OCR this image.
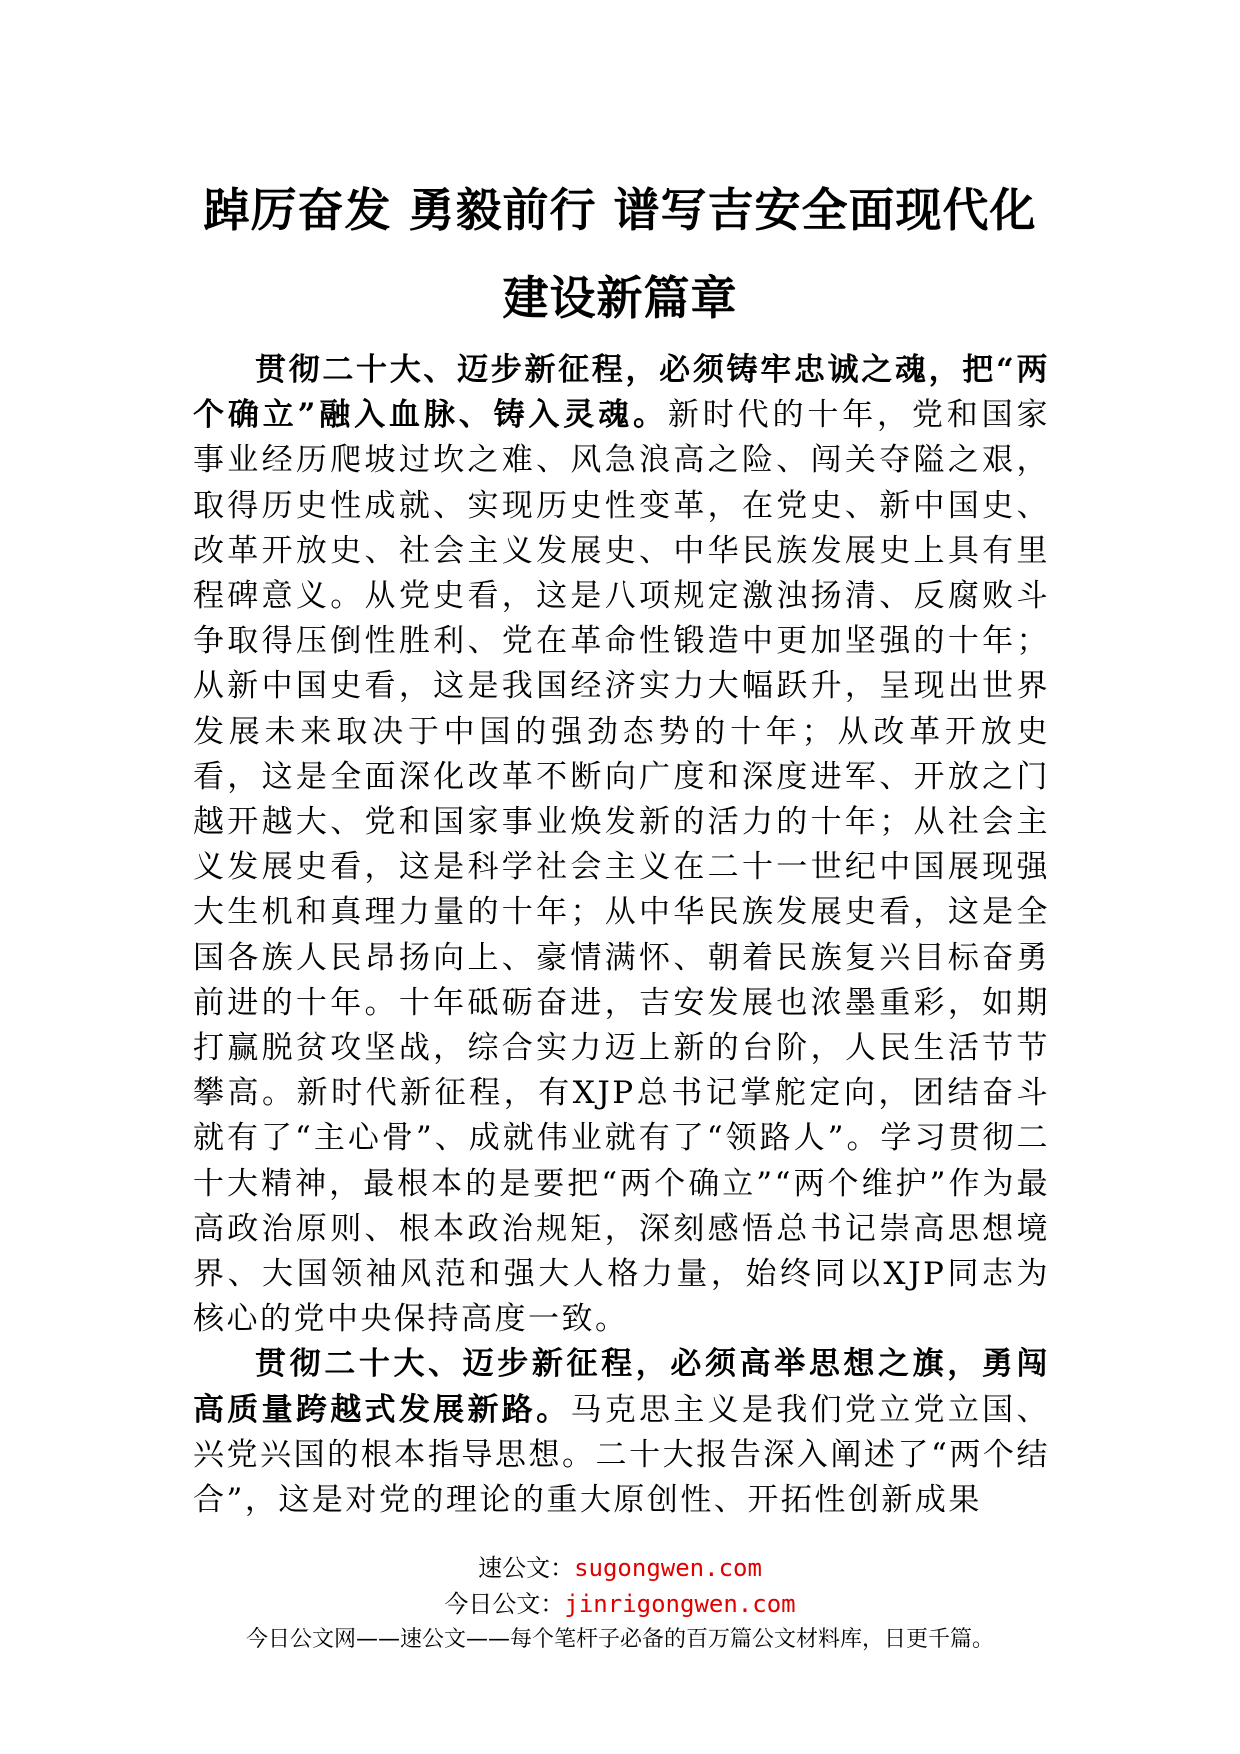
踔厉奋发 勇毅前行 谱写吉安全面现代化
建设新篇章

贯彻二十大、迈步新征程，必须铸牢忠诚之魂，把“两个确立”融入血脉、铸入灵魂。新时代的十年，党和国家事业经历爬坡过坎之难、风急浪高之险、闯关夺隘之艰，取得历史性成就、实现历史性变革，在党史、新中国史、改革开放史、社会主义发展史、中华民族发展史上具有里程碑意义。从党史看，这是八项规定激浊扬清、反腐败斗争取得压倒性胜利、党在革命性锻造中更加坚强的十年；从新中国史看，这是我国经济实力大幅跃升，呈现出世界发展未来取决于中国的强劲态势的十年；从改革开放史看，这是全面深化改革不断向广度和深度进军、开放之门越开越大、党和国家事业焕发新的活力的十年；从社会主义发展史看，这是科学社会主义在二十一世纪中国展现强大生机和真理力量的十年；从中华民族发展史看，这是全国各族人民昂扬向上、豪情满怀、朝着民族复兴目标奋勇前进的十年。十年砥砺奋进，吉安发展也浓墨重彩，如期打赢脱贫攻坚战，综合实力迈上新的台阶，人民生活节节攀高。新时代新征程，有XJP总书记掌舵定向，团结奋斗就有了“主心骨”、成就伟业就有了“领路人”。学习贯彻二十大精神，最根本的是要把“两个确立”“两个维护”作为最高政治原则、根本政治规矩，深刻感悟总书记崇高思想境界、大国领袖风范和强大人格力量，始终同以XJP同志为核心的党中央保持高度一致。

贯彻二十大、迈步新征程，必须高举思想之旗，勇闯高质量跨越式发展新路。马克思主义是我们党立党立国、兴党兴国的根本指导思想。二十大报告深入阐述了“两个结合”，这是对党的理论的重大原创性、开拓性创新成果

速公文：sugongwen.com
今日公文：jinrigongwen.com
今日公文网——速公文——每个笔杆子必备的百万篇公文材料库，日更千篇。
